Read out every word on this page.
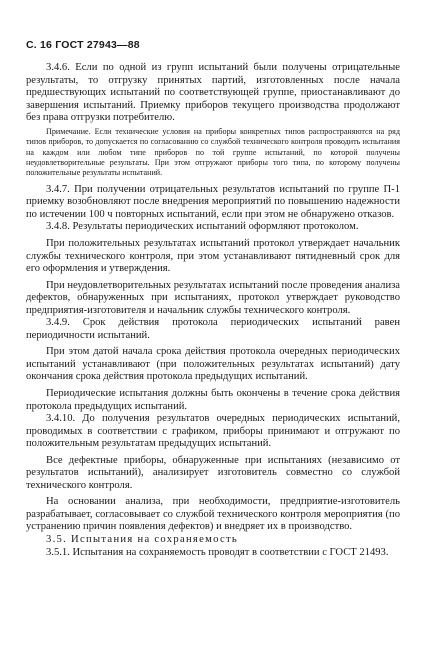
С. 16 ГОСТ 27943—88

3.4.6. Если по одной из групп испытаний были получены отрицательные результаты, то отгрузку принятых партий, изготовленных после начала предшествующих испытаний по соответствующей группе, приостанавливают до завершения испытаний. Приемку приборов текущего производства продолжают без права отгрузки потребителю.

Примечание. Если технические условия на приборы конкретных типов распространяются на ряд типов приборов, то допускается по согласованию со службой технического контроля проводить испытания на каждом или любом типе приборов по той группе испытаний, по которой получены неудовлетворительные результаты. При этом отгружают приборы того типа, по которому получены положительные результаты испытаний.

3.4.7. При получении отрицательных результатов испытаний по группе П-1 приемку возобновляют после внедрения мероприятий по повышению надежности по истечении 100 ч повторных испытаний, если при этом не обнаружено отказов.

3.4.8. Результаты периодических испытаний оформляют протоколом.

При положительных результатах испытаний протокол утверждает начальник службы технического контроля, при этом устанавливают пятидневный срок для его оформления и утверждения.

При неудовлетворительных результатах испытаний после проведения анализа дефектов, обнаруженных при испытаниях, протокол утверждает руководство предприятия-изготовителя и начальник службы технического контроля.

3.4.9. Срок действия протокола периодических испытаний равен периодичности испытаний.

При этом датой начала срока действия протокола очередных периодических испытаний устанавливают (при положительных результатах испытаний) дату окончания срока действия протокола предыдущих испытаний.

Периодические испытания должны быть окончены в течение срока действия протокола предыдущих испытаний.

3.4.10. До получения результатов очередных периодических испытаний, проводимых в соответствии с графиком, приборы принимают и отгружают по положительным результатам предыдущих испытаний.

Все дефектные приборы, обнаруженные при испытаниях (независимо от результатов испытаний), анализирует изготовитель совместно со службой технического контроля.

На основании анализа, при необходимости, предприятие-изготовитель разрабатывает, согласовывает со службой технического контроля мероприятия (по устранению причин появления дефектов) и внедряет их в производство.

3.5. Испытания на сохраняемость

3.5.1. Испытания на сохраняемость проводят в соответствии с ГОСТ 21493.
